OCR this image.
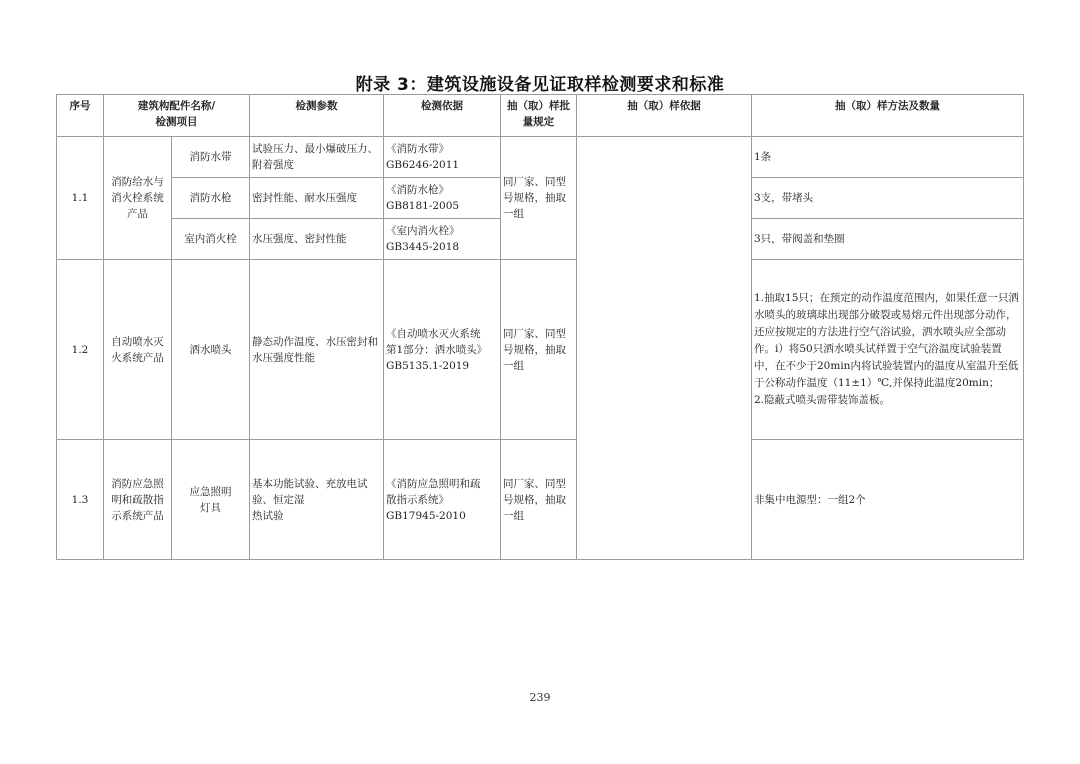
附录 3：建筑设施设备见证取样检测要求和标准
序号	建筑构配件名称/
检测项目		检测参数	检测依据	抽（取）样批
量规定	抽（取）样依据	抽（取）样方法及数量
1.1	消防给水与
消火栓系统
产品	消防水带	试验压力、最小爆破压力、附着强度	《消防水带》
GB6246-2011	同厂家、同型
号规格，抽取
一组		1条
		消防水枪	密封性能、耐水压强度	《消防水枪》
GB8181-2005			3支，带堵头
		室内消火栓	水压强度、密封性能	《室内消火栓》
GB3445-2018			3只，带阀盖和垫圈
1.2	自动喷水灭
火系统产品	洒水喷头	静态动作温度、水压密封和水压强度性能	《自动喷水灭火系统
第1部分：洒水喷头》
GB5135.1-2019	同厂家、同型
号规格，抽取
一组		1.抽取15只；在预定的动作温度范围内，如果任意一只洒水喷头的玻璃球出现部分破裂或易熔元件出现部分动作，还应按规定的方法进行空气浴试验，洒水喷头应全部动作。i）将50只洒水喷头试样置于空气浴温度试验装置中，在不少于20min内将试验装置内的温度从室温升至低于公称动作温度（11±1）℃,并保持此温度20min；
2.隐蔽式喷头需带装饰盖板。

1.3	消防应急照
明和疏散指
示系统产品	应急照明
灯具	基本功能试验、充放电试验、恒定湿
热试验	《消防应急照明和疏
散指示系统》
GB17945-2010	同厂家、同型
号规格，抽取
一组		非集中电源型：一组2个
239
